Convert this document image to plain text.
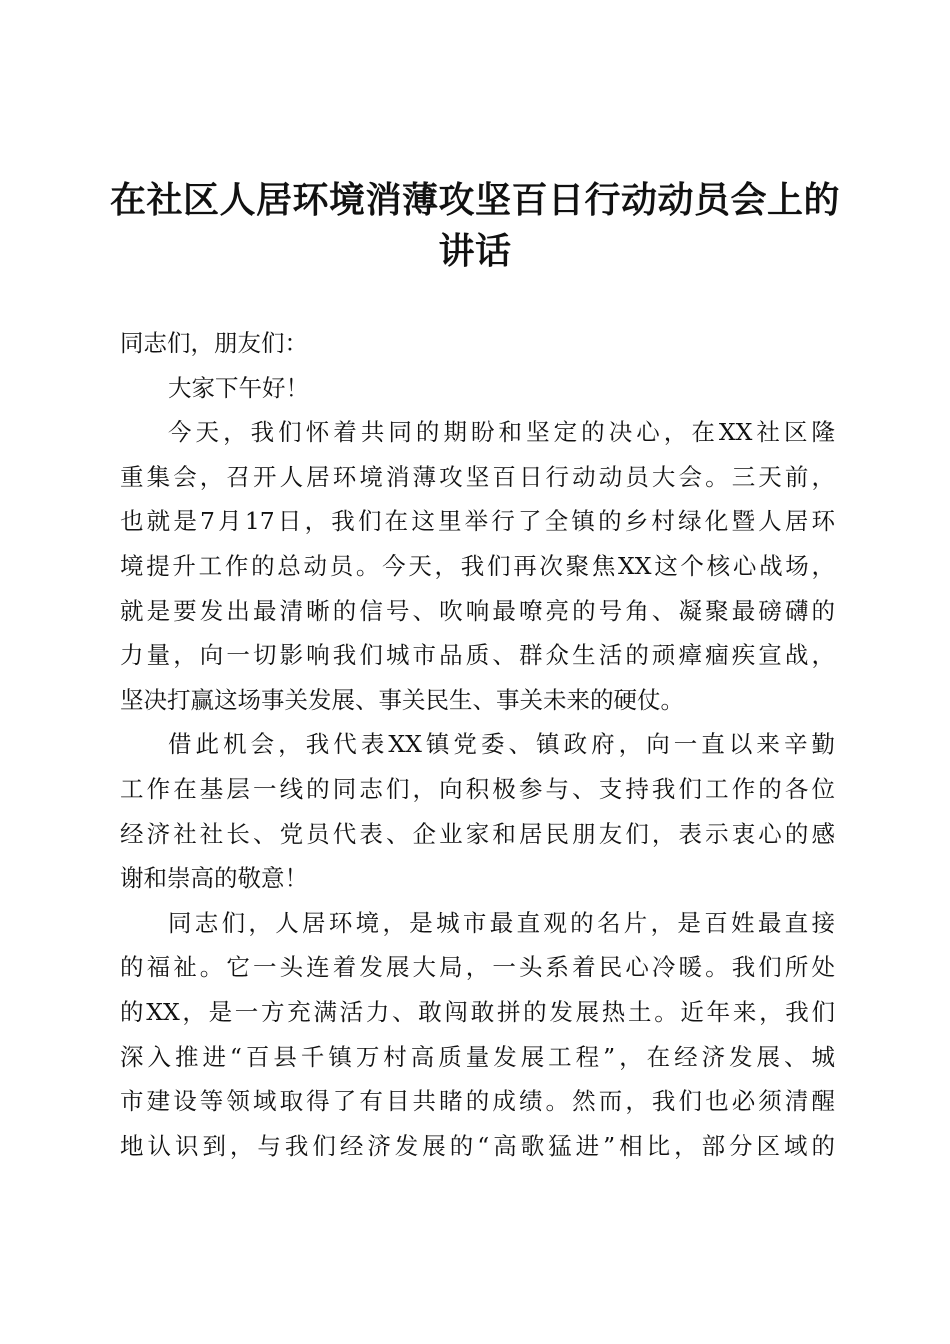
在社区人居环境消薄攻坚百日行动动员会上的
讲话

同志们，朋友们：

大家下午好！

今天，我们怀着共同的期盼和坚定的决心，在XX社区隆
重集会，召开人居环境消薄攻坚百日行动动员大会。三天前，
也就是7月17日，我们在这里举行了全镇的乡村绿化暨人居环
境提升工作的总动员。今天，我们再次聚焦XX这个核心战场，
就是要发出最清晰的信号、吹响最嘹亮的号角、凝聚最磅礴的
力量，向一切影响我们城市品质、群众生活的顽瘴痼疾宣战，
坚决打赢这场事关发展、事关民生、事关未来的硬仗。

借此机会，我代表XX镇党委、镇政府，向一直以来辛勤
工作在基层一线的同志们，向积极参与、支持我们工作的各位
经济社社长、党员代表、企业家和居民朋友们，表示衷心的感
谢和崇高的敬意！

同志们，人居环境，是城市最直观的名片，是百姓最直接
的福祉。它一头连着发展大局，一头系着民心冷暖。我们所处
的XX，是一方充满活力、敢闯敢拼的发展热土。近年来，我们
深入推进“百县千镇万村高质量发展工程”，在经济发展、城
市建设等领域取得了有目共睹的成绩。然而，我们也必须清醒
地认识到，与我们经济发展的“高歌猛进”相比，部分区域的
